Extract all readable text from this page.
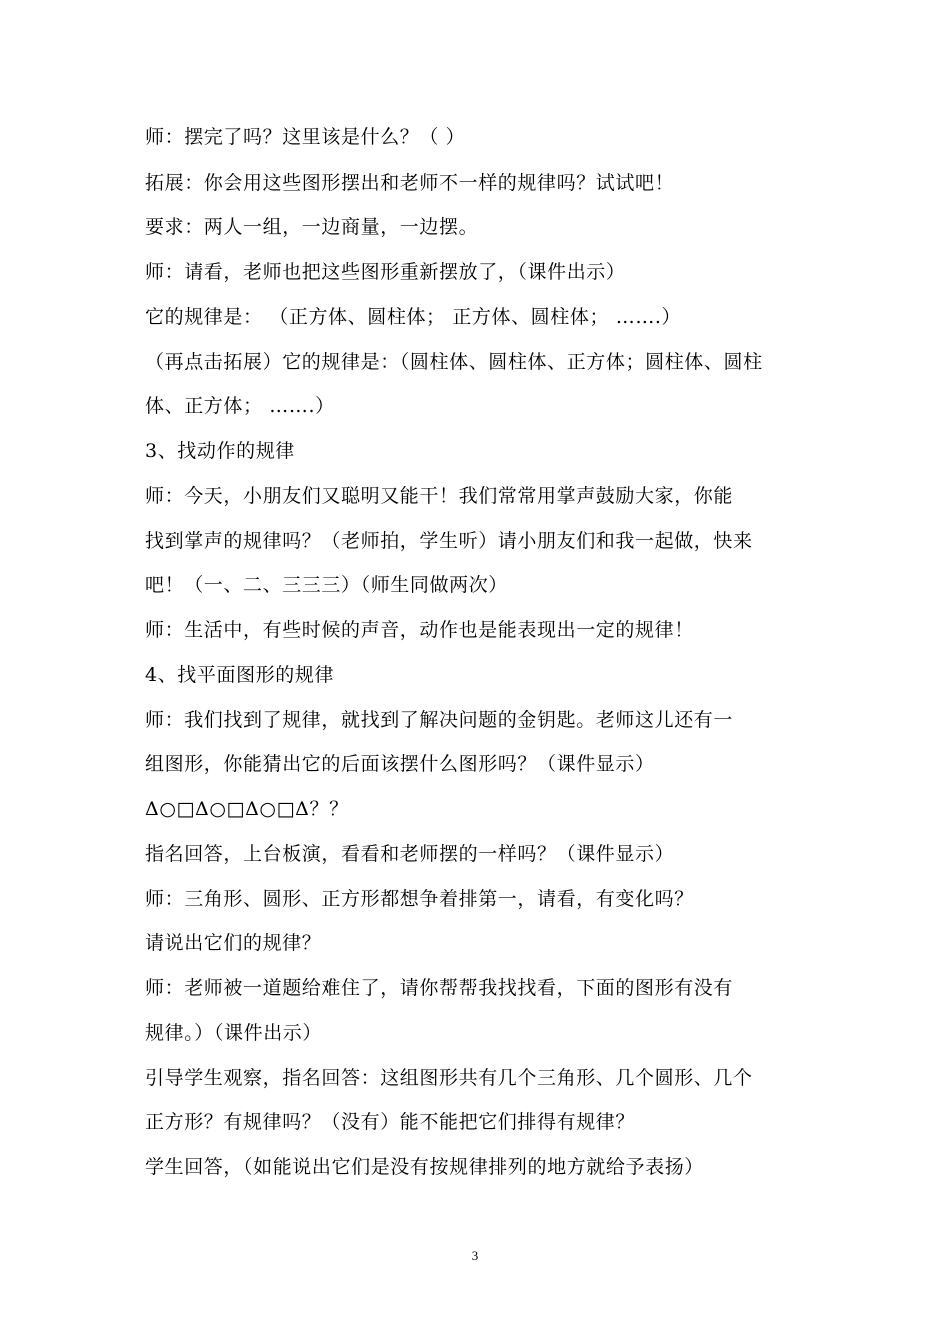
师：摆完了吗？这里该是什么？（ ）
拓展：你会用这些图形摆出和老师不一样的规律吗？试试吧！
要求：两人一组，一边商量，一边摆。
师：请看，老师也把这些图形重新摆放了，（课件出示）
它的规律是： （正方体、圆柱体； 正方体、圆柱体； …….）
（再点击拓展）它的规律是：（圆柱体、圆柱体、正方体；圆柱体、圆柱
体、正方体； …….）
3、找动作的规律
师：今天，小朋友们又聪明又能干！我们常常用掌声鼓励大家，你能
找到掌声的规律吗？（老师拍，学生听）请小朋友们和我一起做，快来
吧！（一、二、三三三）（师生同做两次）
师：生活中，有些时候的声音，动作也是能表现出一定的规律！
4、找平面图形的规律
师：我们找到了规律，就找到了解决问题的金钥匙。老师这儿还有一
组图形，你能猜出它的后面该摆什么图形吗？（课件显示）
Δ○□Δ○□Δ○□Δ？？
指名回答，上台板演，看看和老师摆的一样吗？（课件显示）
师：三角形、圆形、正方形都想争着排第一，请看，有变化吗？
请说出它们的规律？
师：老师被一道题给难住了，请你帮帮我找找看，下面的图形有没有
规律。）（课件出示）
引导学生观察，指名回答：这组图形共有几个三角形、几个圆形、几个
正方形？有规律吗？（没有）能不能把它们排得有规律？
学生回答，（如能说出它们是没有按规律排列的地方就给予表扬）
3
